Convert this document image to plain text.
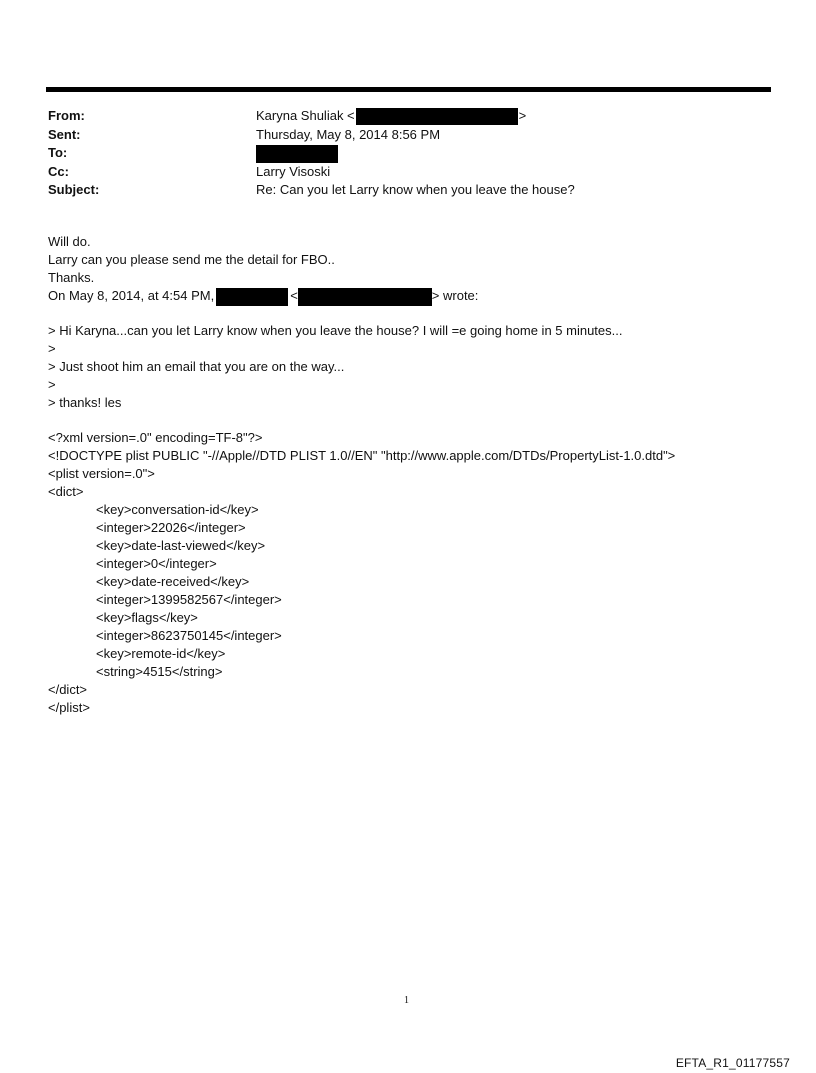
From:	Karyna Shuliak <	>
Sent:	Thursday, May 8, 2014 8:56 PM
To:
Cc:	Larry Visoski
Subject:	Re: Can you let Larry know when you leave the house?
Will do.
Larry can you please send me the detail for FBO..
Thanks.
On May 8, 2014, at 4:54 PM,	<	> wrote:
> Hi Karyna...can you let Larry know when you leave the house? I will =e going home in 5 minutes...
>
> Just shoot him an email that you are on the way...
>
> thanks! les
<?xml version=.0" encoding=TF-8"?>
<!DOCTYPE plist PUBLIC "-//Apple//DTD PLIST 1.0//EN" "http://www.apple.com/DTDs/PropertyList-1.0.dtd">
<plist version=.0">
<dict>
<key>conversation-id</key>
<integer>22026</integer>
<key>date-last-viewed</key>
<integer>0</integer>
<key>date-received</key>
<integer>1399582567</integer>
<key>flags</key>
<integer>8623750145</integer>
<key>remote-id</key>
<string>4515</string>
</dict>
</plist>
1
EFTA_R1_01177557
